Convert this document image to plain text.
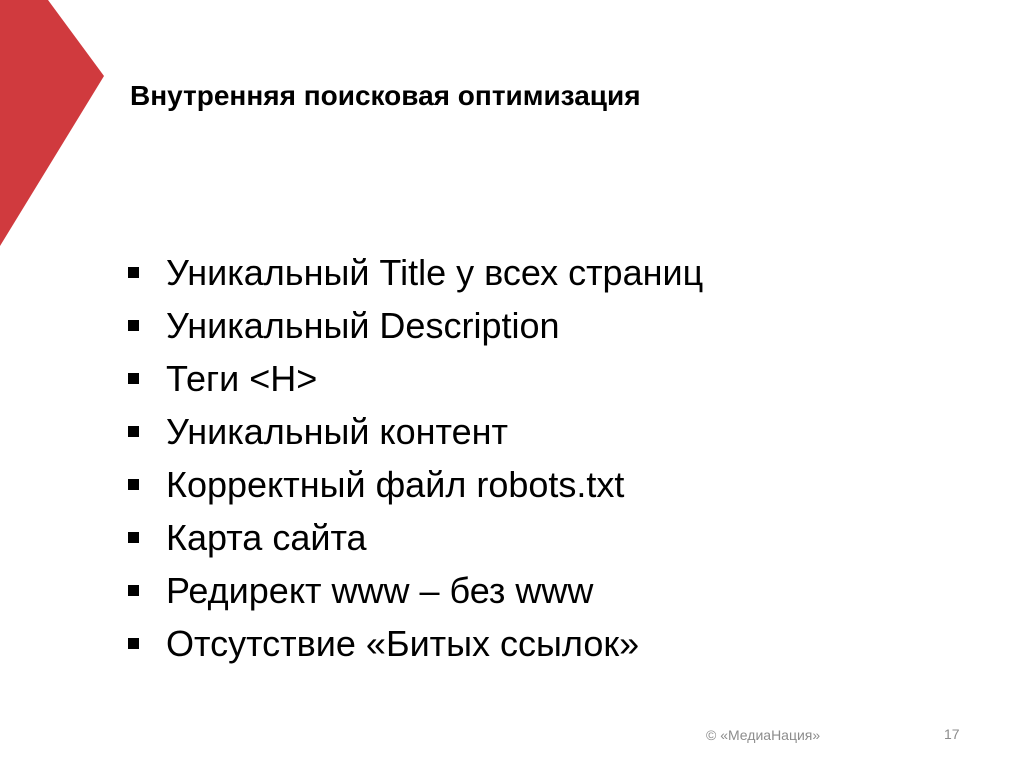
Внутренняя поисковая оптимизация
Уникальный Title у всех страниц
Уникальный Description
Теги <H>
Уникальный контент
Корректный файл robots.txt
Карта сайта
Редирект www – без www
Отсутствие «Битых ссылок»
© «МедиаНация»	17
